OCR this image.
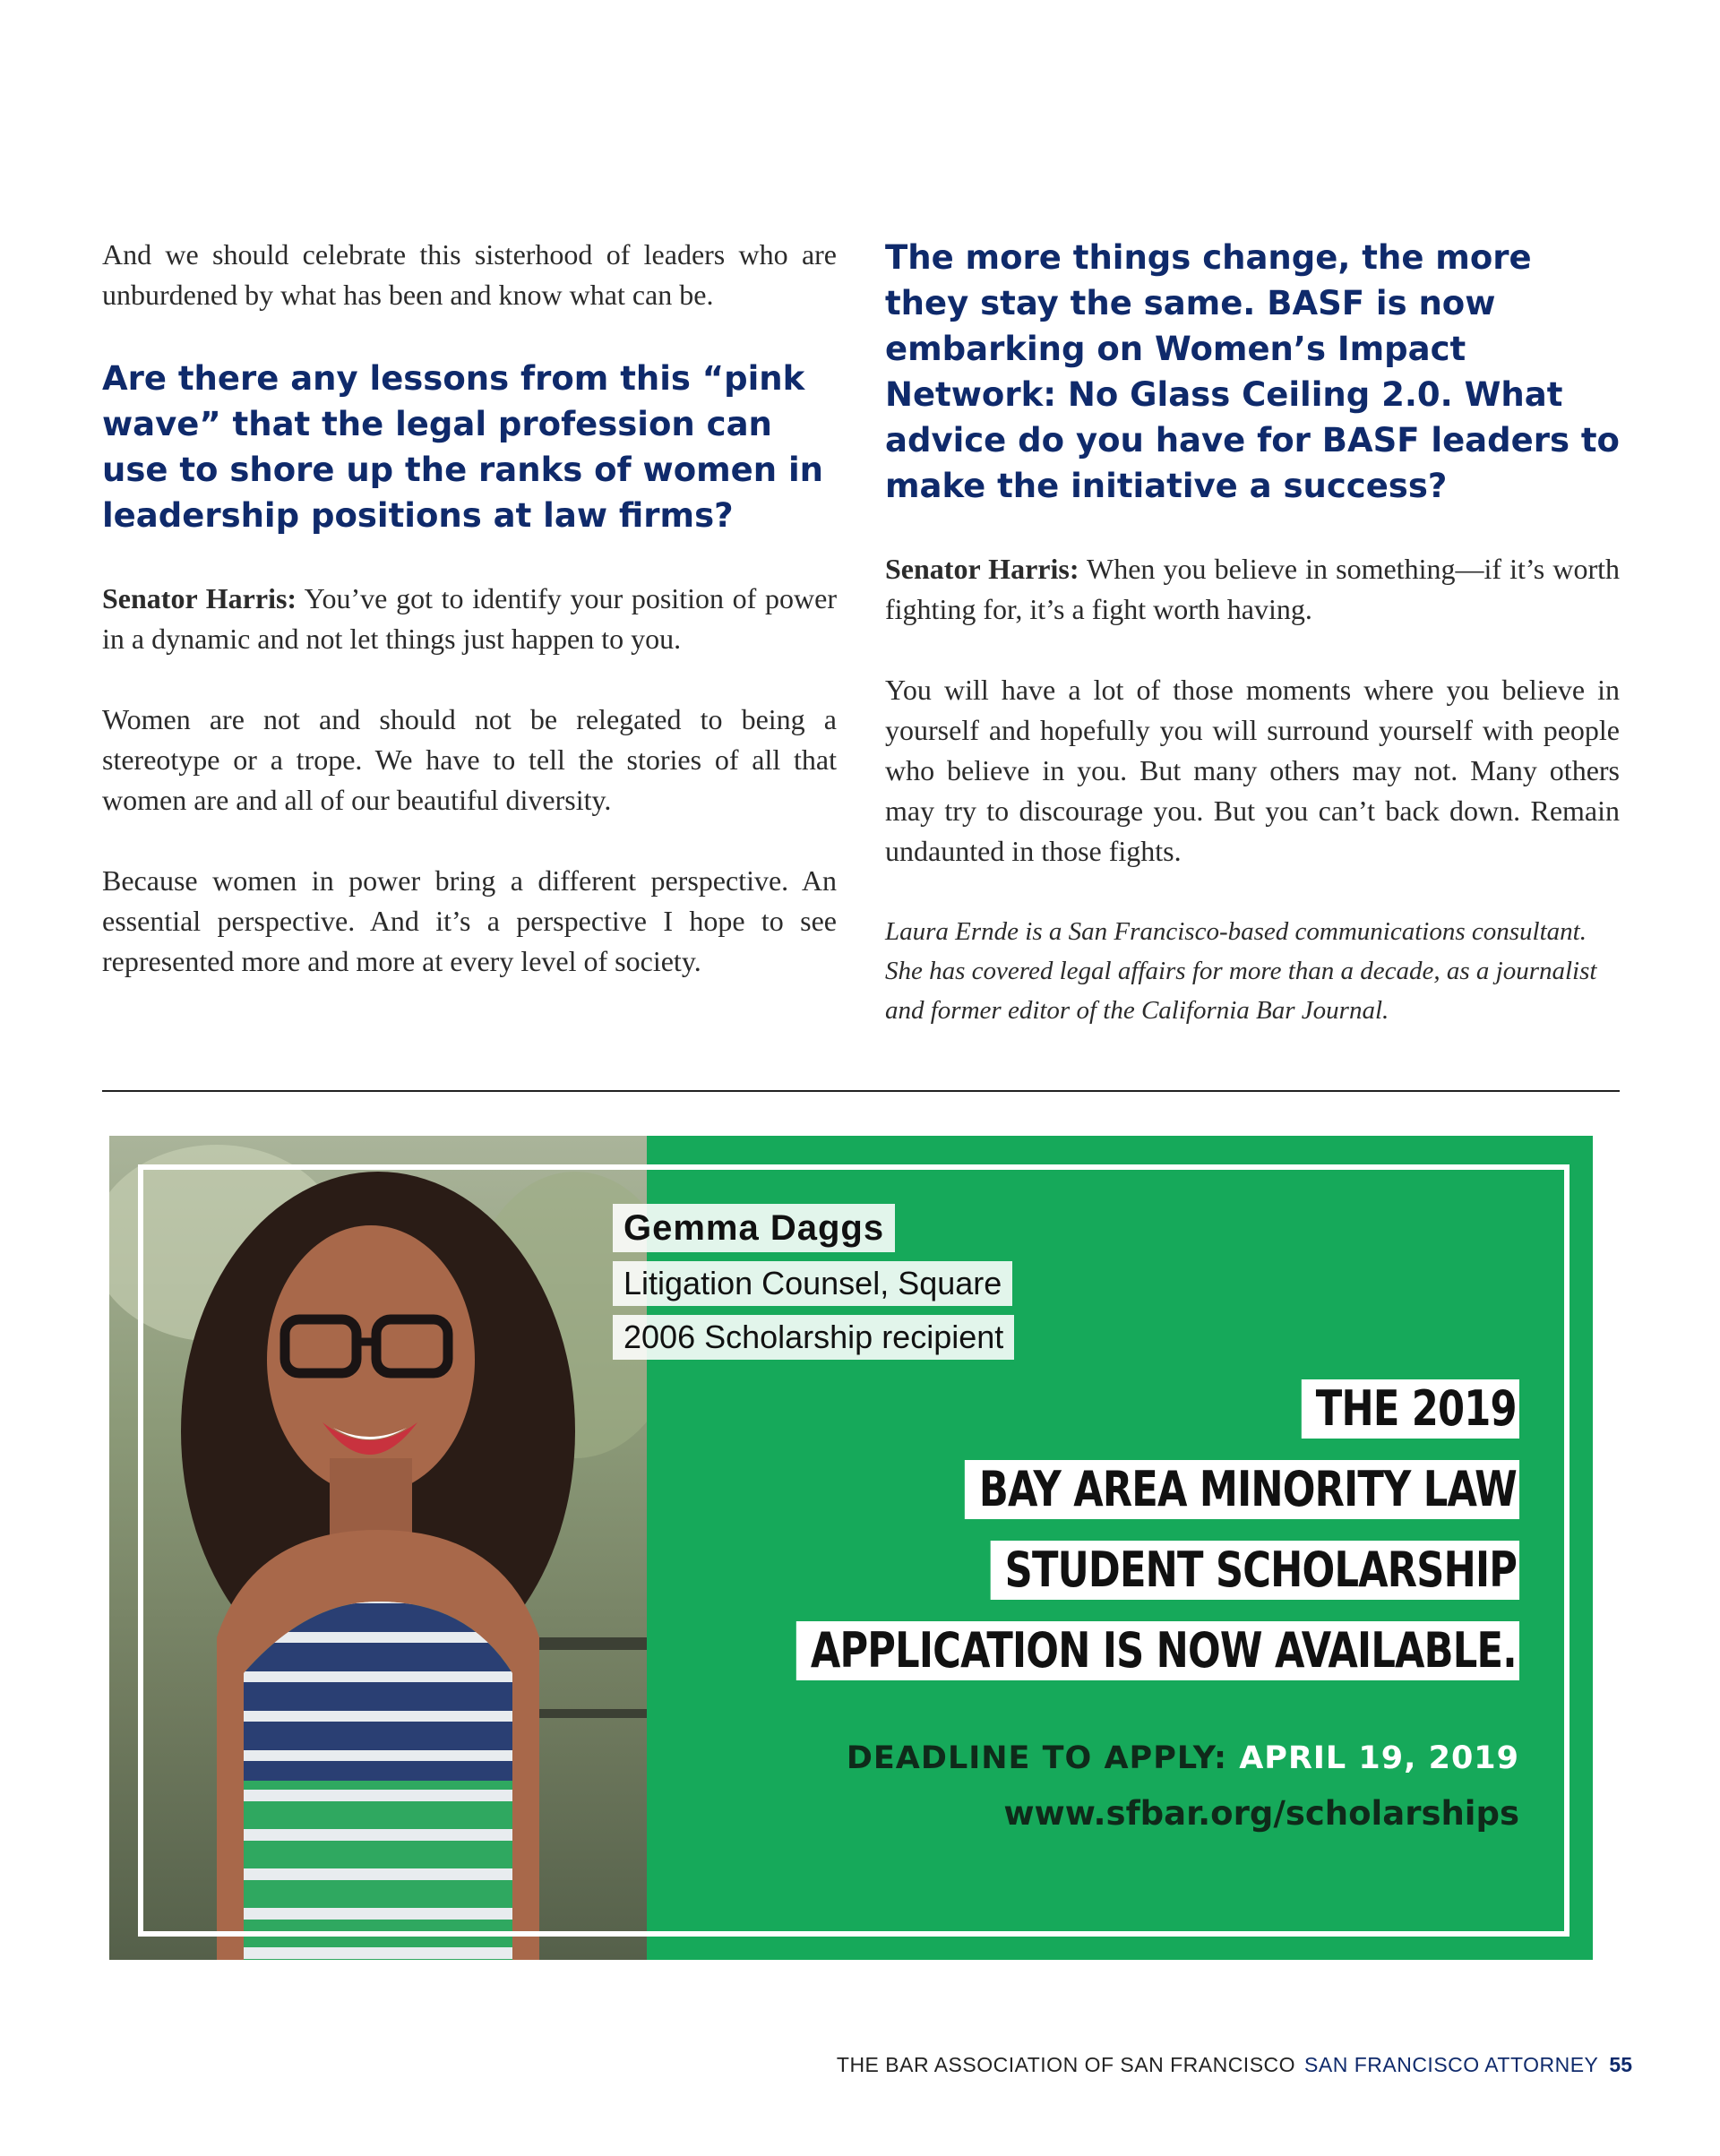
And we should celebrate this sisterhood of leaders who are unburdened by what has been and know what can be.

Are there any lessons from this “pink wave” that the legal profession can use to shore up the ranks of women in leadership positions at law firms?

Senator Harris: You’ve got to identify your position of power in a dynamic and not let things just happen to you.

Women are not and should not be relegated to being a stereotype or a trope. We have to tell the stories of all that women are and all of our beautiful diversity.

Because women in power bring a different perspective. An essential perspective. And it’s a perspective I hope to see represented more and more at every level of society.

The more things change, the more they stay the same. BASF is now embarking on Women’s Impact Network: No Glass Ceiling 2.0. What advice do you have for BASF leaders to make the initiative a success?

Senator Harris: When you believe in something—if it’s worth fighting for, it’s a fight worth having.

You will have a lot of those moments where you believe in yourself and hopefully you will surround yourself with people who believe in you. But many others may not. Many others may try to discourage you. But you can’t back down. Remain undaunted in those fights.

Laura Ernde is a San Francisco-based communications consultant. She has covered legal affairs for more than a decade, as a journalist and former editor of the California Bar Journal.

Gemma Daggs
Litigation Counsel, Square
2006 Scholarship recipient
THE 2019
BAY AREA MINORITY LAW
STUDENT SCHOLARSHIP
APPLICATION IS NOW AVAILABLE.
DEADLINE TO APPLY: APRIL 19, 2019
www.sfbar.org/scholarships
THE BAR ASSOCIATION OF SAN FRANCISCO SAN FRANCISCO ATTORNEY 55
